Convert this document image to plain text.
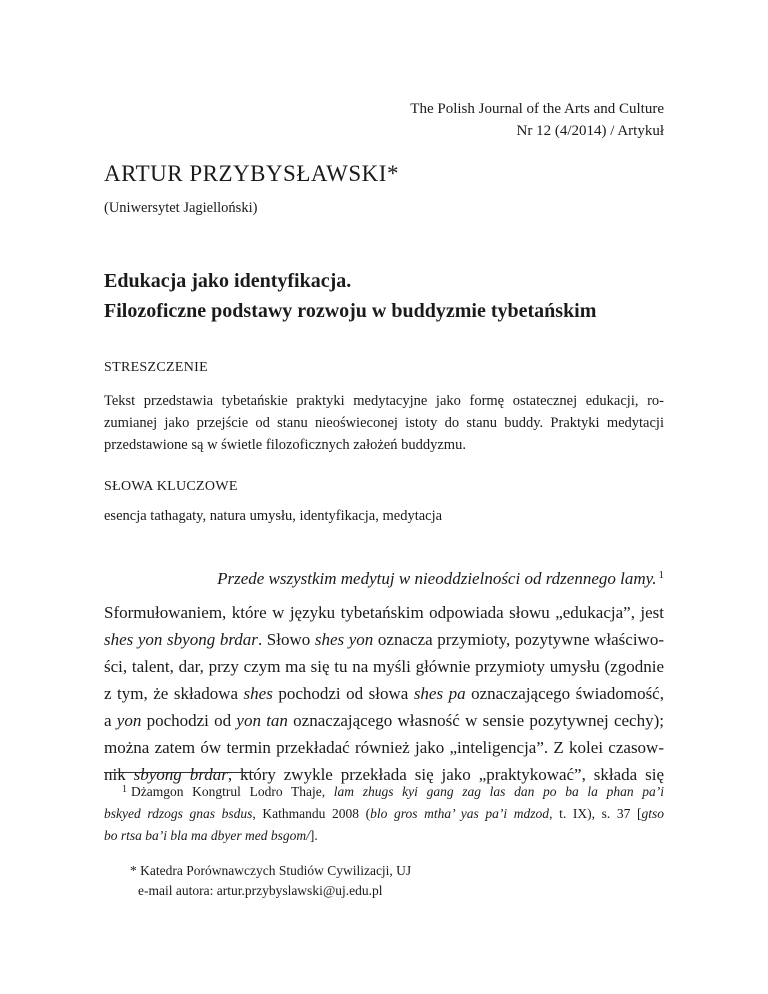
The Polish Journal of the Arts and Culture
Nr 12 (4/2014) / Artykuł
ARTUR PRZYBYSŁAWSKI*
(Uniwersytet Jagielloński)
Edukacja jako identyfikacja.
Filozoficzne podstawy rozwoju w buddyzmie tybetańskim
STRESZCZENIE

Tekst przedstawia tybetańskie praktyki medytacyjne jako formę ostatecznej edukacji, ro-
zumianej jako przejście od stanu nieoświeconej istoty do stanu buddy. Praktyki medytacji
przedstawione są w świetle filozoficznych założeń buddyzmu.

SŁOWA KLUCZOWE
esencja tathagaty, natura umysłu, identyfikacja, medytacja
Przede wszystkim medytuj w nieoddzielności od rdzennego lamy. $^1$

Sformułowaniem, które w języku tybetańskim odpowiada słowu „edukacja”, jest
shes yon sbyong brdar. Słowo shes yon oznacza przymioty, pozytywne właściwo-
ści, talent, dar, przy czym ma się tu na myśli głównie przymioty umysłu (zgodnie
z tym, że składowa shes pochodzi od słowa shes pa oznaczającego świadomość,
a yon pochodzi od yon tan oznaczającego własność w sensie pozytywnej cechy);
można zatem ów termin przekładać również jako „inteligencja”. Z kolei czasow-
nik sbyong brdar, który zwykle przekłada się jako „praktykować”, składa się

$^1$ Dżamgon Kongtrul Lodro Thaje, lam zhugs kyi gang zag las dan po ba la phan pa’i
bskyed rdzogs gnas bsdus, Kathmandu 2008 (blo gros mtha’ yas pa’i mdzod, t. IX), s. 37 [gtso
bo rtsa ba’i bla ma dbyer med bsgom/].

* Katedra Porównawczych Studiów Cywilizacji, UJ
e-mail autora: artur.przybyslawski@uj.edu.pl
